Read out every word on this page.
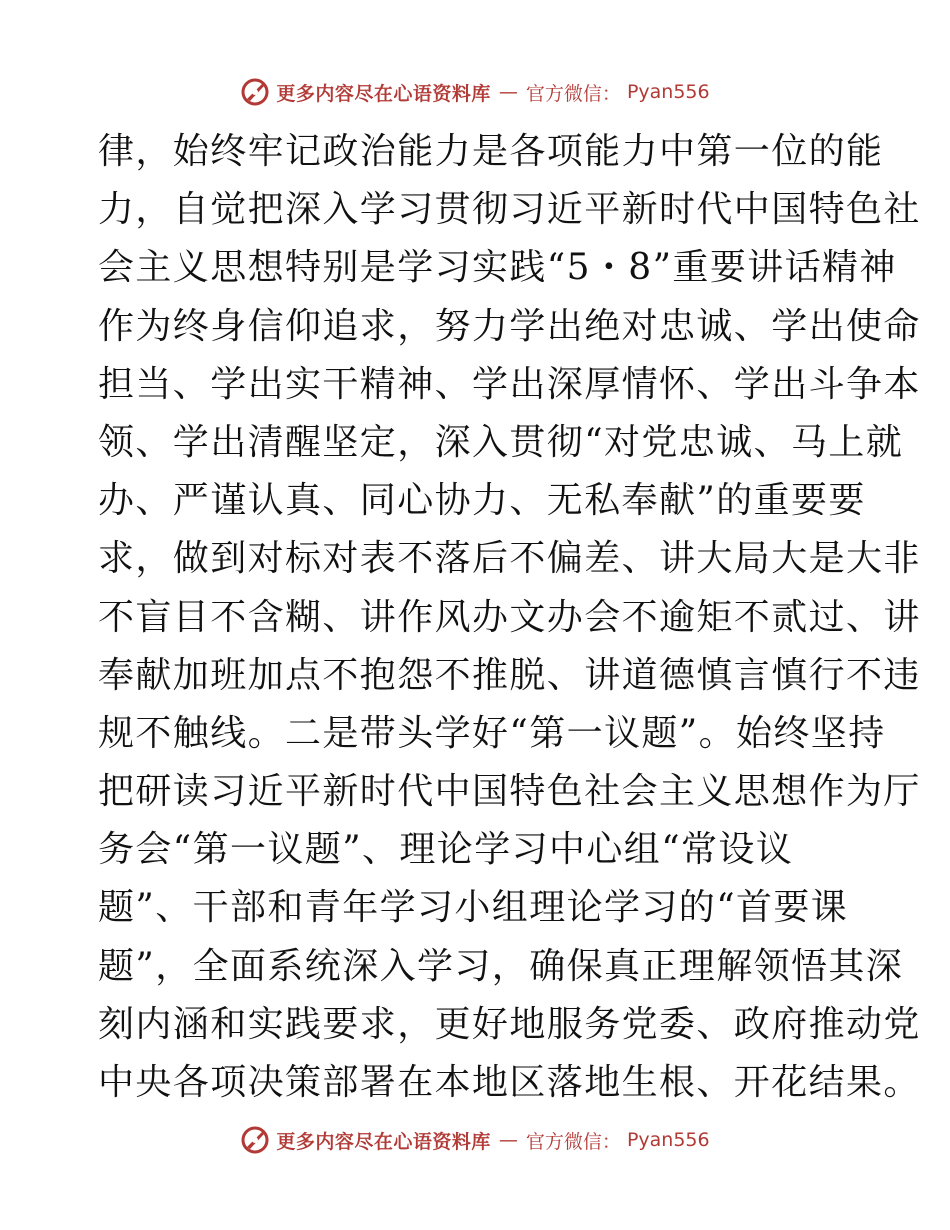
更多内容尽在心语资料库 — 官方微信： Pyan556
律，始终牢记政治能力是各项能力中第一位的能
力，自觉把深入学习贯彻习近平新时代中国特色社
会主义思想特别是学习实践“5・8”重要讲话精神
作为终身信仰追求，努力学出绝对忠诚、学出使命
担当、学出实干精神、学出深厚情怀、学出斗争本
领、学出清醒坚定，深入贯彻“对党忠诚、马上就
办、严谨认真、同心协力、无私奉献”的重要要
求，做到对标对表不落后不偏差、讲大局大是大非
不盲目不含糊、讲作风办文办会不逾矩不贰过、讲
奉献加班加点不抱怨不推脱、讲道德慎言慎行不违
规不触线。二是带头学好“第一议题”。始终坚持
把研读习近平新时代中国特色社会主义思想作为厅
务会“第一议题”、理论学习中心组“常设议
题”、干部和青年学习小组理论学习的“首要课
题”，全面系统深入学习，确保真正理解领悟其深
刻内涵和实践要求，更好地服务党委、政府推动党
中央各项决策部署在本地区落地生根、开花结果。
更多内容尽在心语资料库 — 官方微信： Pyan556
